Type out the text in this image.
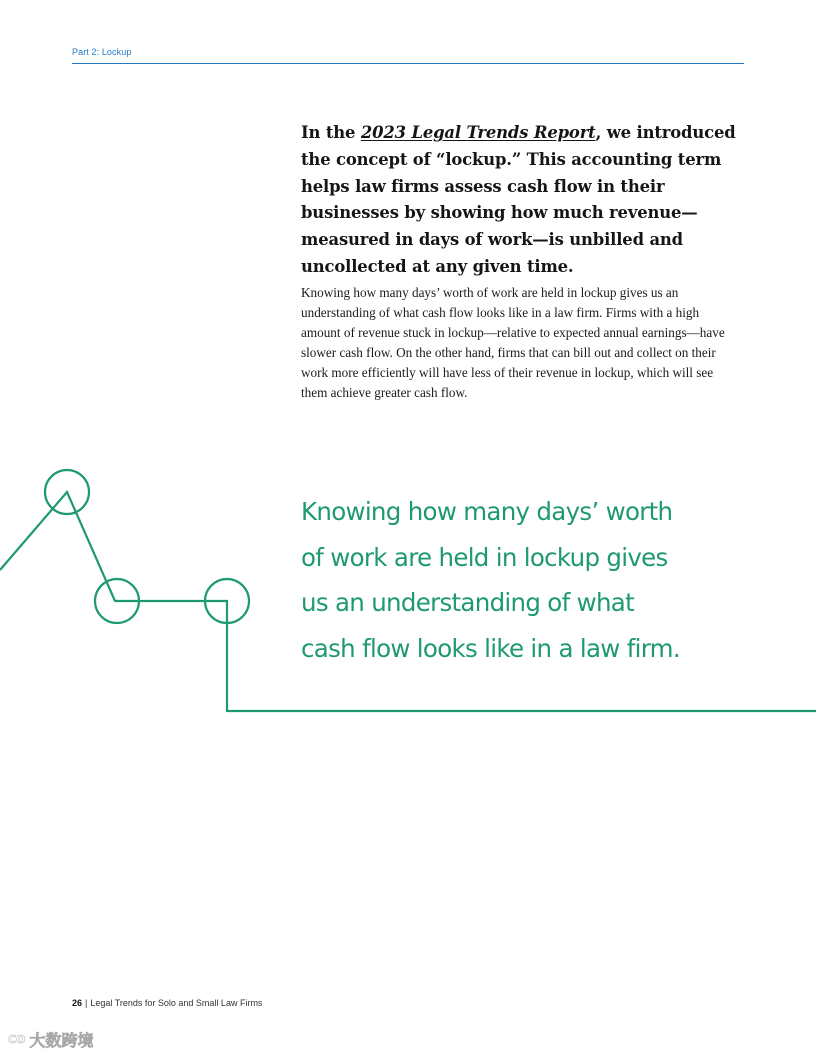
Part 2: Lockup

In the 2023 Legal Trends Report, we introduced the concept of “lockup.” This accounting term helps law firms assess cash flow in their businesses by showing how much revenue—measured in days of work—is unbilled and uncollected at any given time.

Knowing how many days’ worth of work are held in lockup gives us an understanding of what cash flow looks like in a law firm. Firms with a high amount of revenue stuck in lockup—relative to expected annual earnings—have slower cash flow. On the other hand, firms that can bill out and collect on their work more efficiently will have less of their revenue in lockup, which will see them achieve greater cash flow.

Knowing how many days’ worth
of work are held in lockup gives
us an understanding of what
cash flow looks like in a law firm.
26 | Legal Trends for Solo and Small Law Firms
CO 大数跨境
